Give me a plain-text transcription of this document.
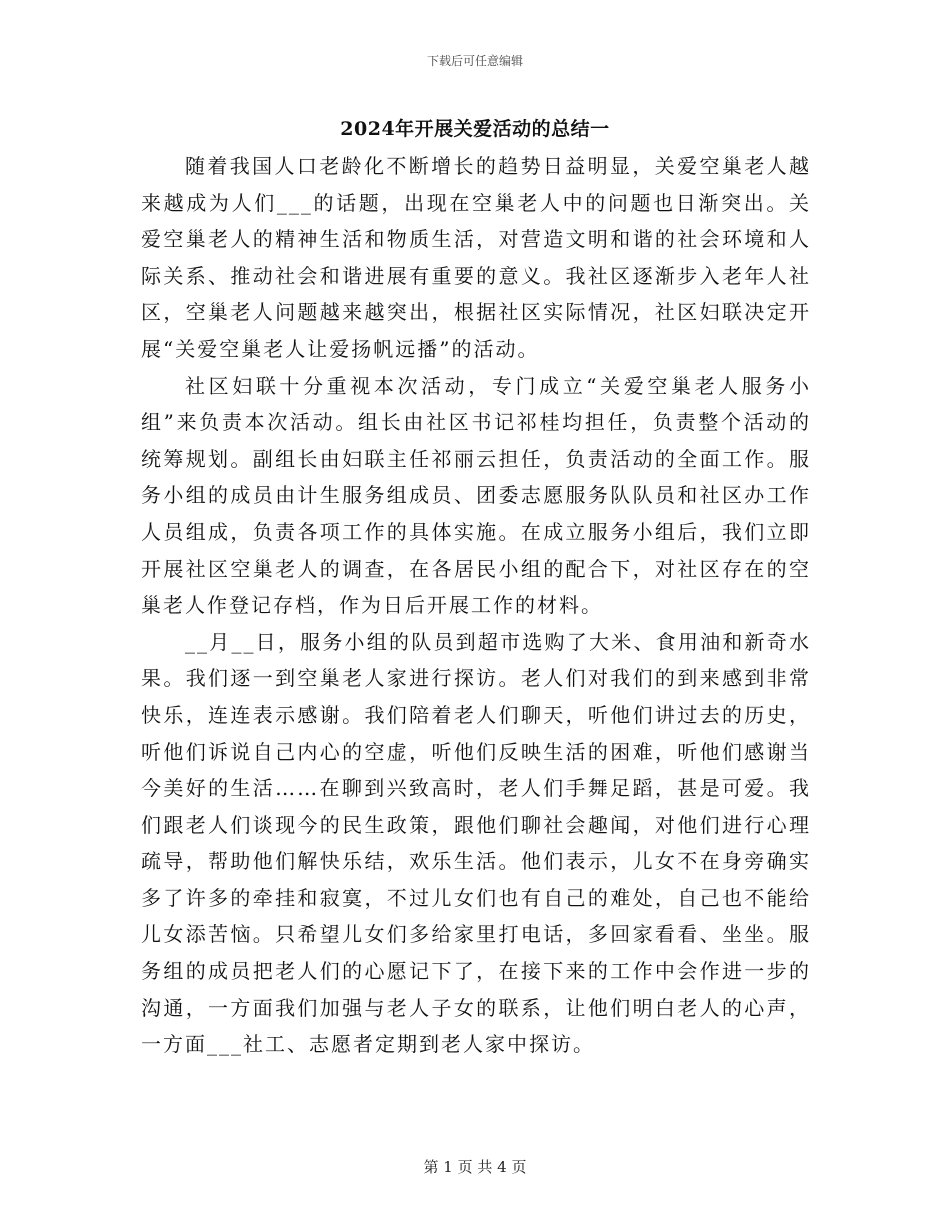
下载后可任意编辑
2024年开展关爱活动的总结一

随着我国人口老龄化不断增长的趋势日益明显，关爱空巢老人越来越成为人们___的话题，出现在空巢老人中的问题也日渐突出。关爱空巢老人的精神生活和物质生活，对营造文明和谐的社会环境和人际关系、推动社会和谐进展有重要的意义。我社区逐渐步入老年人社区，空巢老人问题越来越突出，根据社区实际情况，社区妇联决定开展“关爱空巢老人让爱扬帆远播”的活动。

社区妇联十分重视本次活动，专门成立“关爱空巢老人服务小组”来负责本次活动。组长由社区书记祁桂均担任，负责整个活动的统筹规划。副组长由妇联主任祁丽云担任，负责活动的全面工作。服务小组的成员由计生服务组成员、团委志愿服务队队员和社区办工作人员组成，负责各项工作的具体实施。在成立服务小组后，我们立即开展社区空巢老人的调查，在各居民小组的配合下，对社区存在的空巢老人作登记存档，作为日后开展工作的材料。

__月__日，服务小组的队员到超市选购了大米、食用油和新奇水果。我们逐一到空巢老人家进行探访。老人们对我们的到来感到非常快乐，连连表示感谢。我们陪着老人们聊天，听他们讲过去的历史，听他们诉说自己内心的空虚，听他们反映生活的困难，听他们感谢当今美好的生活……在聊到兴致高时，老人们手舞足蹈，甚是可爱。我们跟老人们谈现今的民生政策，跟他们聊社会趣闻，对他们进行心理疏导，帮助他们解快乐结，欢乐生活。他们表示，儿女不在身旁确实多了许多的牵挂和寂寞，不过儿女们也有自己的难处，自己也不能给儿女添苦恼。只希望儿女们多给家里打电话，多回家看看、坐坐。服务组的成员把老人们的心愿记下了，在接下来的工作中会作进一步的沟通，一方面我们加强与老人子女的联系，让他们明白老人的心声，一方面___社工、志愿者定期到老人家中探访。

第 1 页 共 4 页
